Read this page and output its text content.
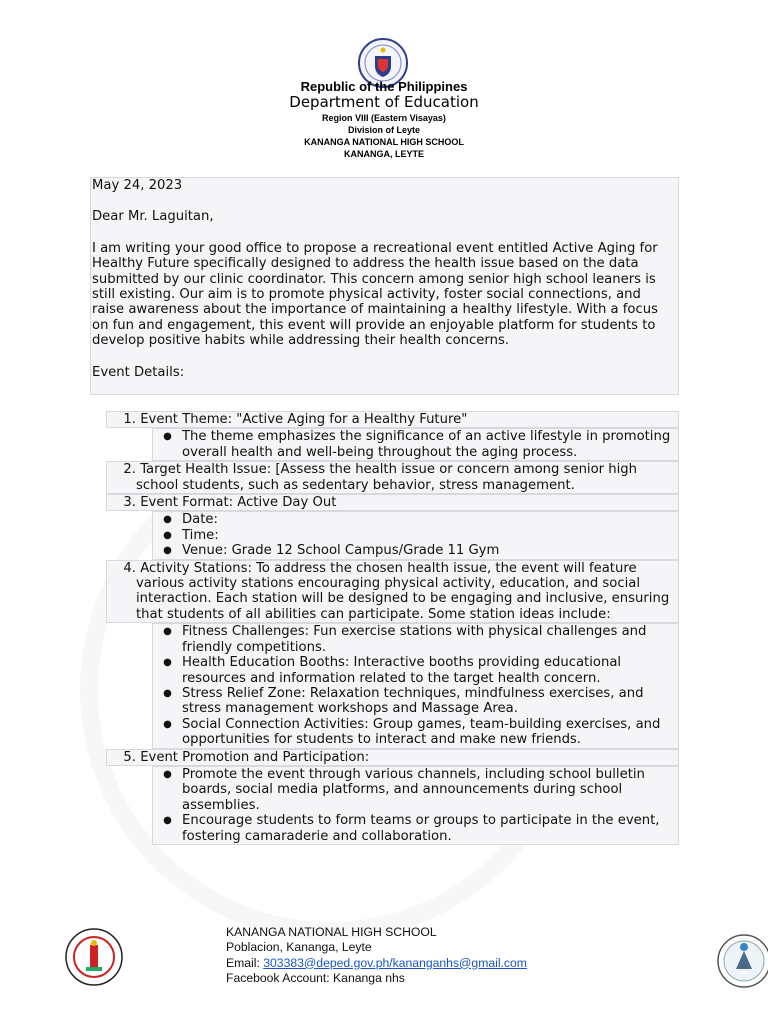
Republic of the Philippines
Department of Education
Region VIII (Eastern Visayas)
Division of Leyte
KANANGA NATIONAL HIGH SCHOOL
KANANGA, LEYTE

May 24, 2023

Dear Mr. Laguitan,

I am writing your good office to propose a recreational event entitled Active Aging for Healthy Future specifically designed to address the health issue based on the data submitted by our clinic coordinator. This concern among senior high school leaners is still existing. Our aim is to promote physical activity, foster social connections, and raise awareness about the importance of maintaining a healthy lifestyle. With a focus on fun and engagement, this event will provide an enjoyable platform for students to develop positive habits while addressing their health concerns.

Event Details:

1. Event Theme: "Active Aging for a Healthy Future"
● The theme emphasizes the significance of an active lifestyle in promoting overall health and well-being throughout the aging process.
2. Target Health Issue: [Assess the health issue or concern among senior high school students, such as sedentary behavior, stress management.
3. Event Format: Active Day Out
● Date:
● Time:
● Venue: Grade 12 School Campus/Grade 11 Gym
4. Activity Stations: To address the chosen health issue, the event will feature various activity stations encouraging physical activity, education, and social interaction. Each station will be designed to be engaging and inclusive, ensuring that students of all abilities can participate. Some station ideas include:
● Fitness Challenges: Fun exercise stations with physical challenges and friendly competitions.
● Health Education Booths: Interactive booths providing educational resources and information related to the target health concern.
● Stress Relief Zone: Relaxation techniques, mindfulness exercises, and stress management workshops and Massage Area.
● Social Connection Activities: Group games, team-building exercises, and opportunities for students to interact and make new friends.
5. Event Promotion and Participation:
● Promote the event through various channels, including school bulletin boards, social media platforms, and announcements during school assemblies.
● Encourage students to form teams or groups to participate in the event, fostering camaraderie and collaboration.
KANANGA NATIONAL HIGH SCHOOL
Poblacion, Kananga, Leyte
Email: 303383@deped.gov.ph/kananganhs@gmail.com
Facebook Account: Kananga nhs
